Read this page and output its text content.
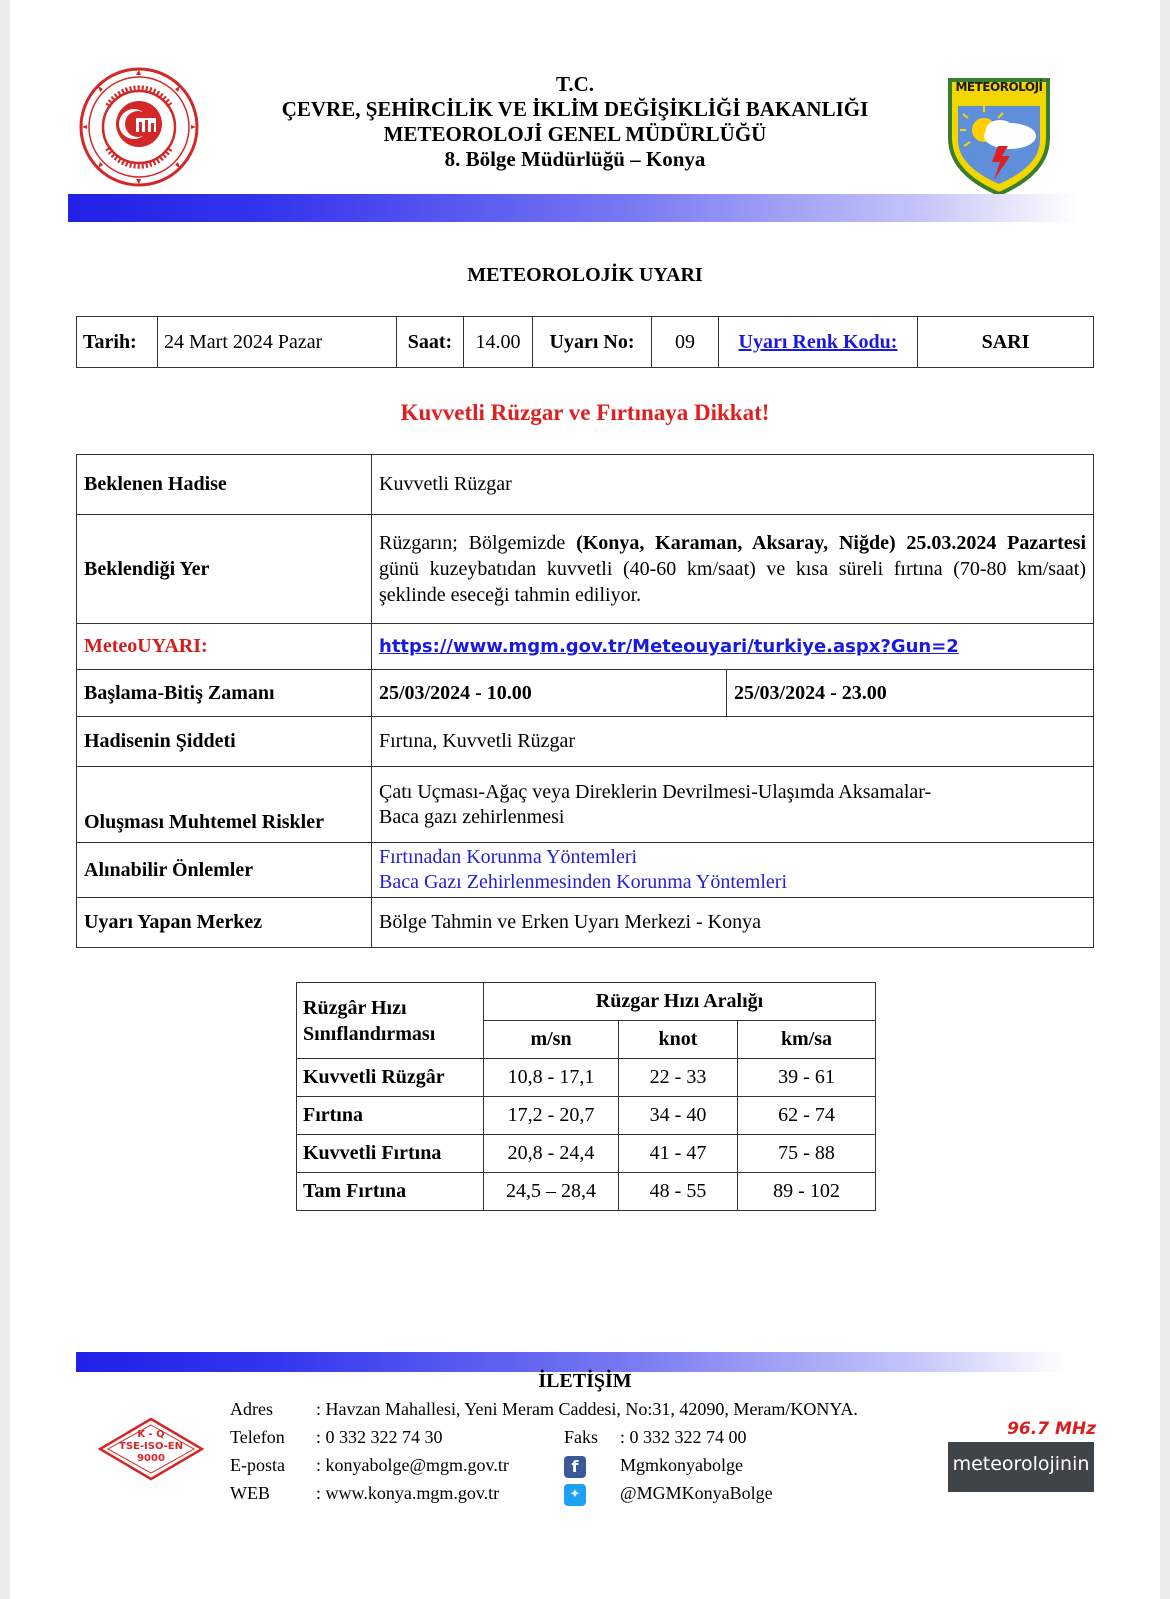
T.C.
ÇEVRE, ŞEHİRCİLİK VE İKLİM DEĞİŞİKLİĞİ BAKANLIĞI
METEOROLOJİ GENEL MÜDÜRLÜĞÜ
8. Bölge Müdürlüğü – Konya
METEOROLOJİ
METEOROLOJİK UYARI
Tarih:	24 Mart 2024 Pazar	Saat:	14.00	Uyarı No:	09	Uyarı Renk Kodu:	SARI
Kuvvetli Rüzgar ve Fırtınaya Dikkat!
Beklenen Hadise	Kuvvetli Rüzgar	
Beklendiği Yer	Rüzgarın; Bölgemizde (Konya, Karaman, Aksaray, Niğde) 25.03.2024 Pazartesi günü kuzeybatıdan kuvvetli (40-60 km/saat) ve kısa süreli fırtına (70-80 km/saat) şeklinde eseceği tahmin ediliyor.	
MeteoUYARI:	https://www.mgm.gov.tr/Meteouyari/turkiye.aspx?Gun=2	
Başlama-Bitiş Zamanı	25/03/2024 - 10.00	25/03/2024 - 23.00
Hadisenin Şiddeti	Fırtına, Kuvvetli Rüzgar	
Oluşması Muhtemel Riskler	Çatı Uçması-Ağaç veya Direklerin Devrilmesi-Ulaşımda Aksamalar-
Baca gazı zehirlenmesi	

Alınabilir Önlemler	Fırtınadan Korunma Yöntemleri
Baca Gazı Zehirlenmesinden Korunma Yöntemleri	

Uyarı Yapan Merkez	Bölge Tahmin ve Erken Uyarı Merkezi - Konya	
Rüzgâr Hızı Sınıflandırması	Rüzgar Hızı Aralığı		
	m/sn	knot	km/sa
Kuvvetli Rüzgâr	10,8 - 17,1	22 - 33	39 - 61
Fırtına	17,2 - 20,7	34 - 40	62 - 74
Kuvvetli Fırtına	20,8 - 24,4	41 - 47	75 - 88
Tam Fırtına	24,5 – 28,4	48 - 55	89 - 102
İLETİŞİM
K - Q
TSE-ISO-EN
9000
Adres	: Havzan Mahallesi, Yeni Meram Caddesi, No:31, 42090, Meram/KONYA.		
Telefon	: 0 332 322 74 30	Faks	: 0 332 322 74 00
E-posta	: konyabolge@mgm.gov.tr	f	Mgmkonyabolge
WEB	: www.konya.mgm.gov.tr	✦	@MGMKonyaBolge
96.7 MHz
meteorolojinin
